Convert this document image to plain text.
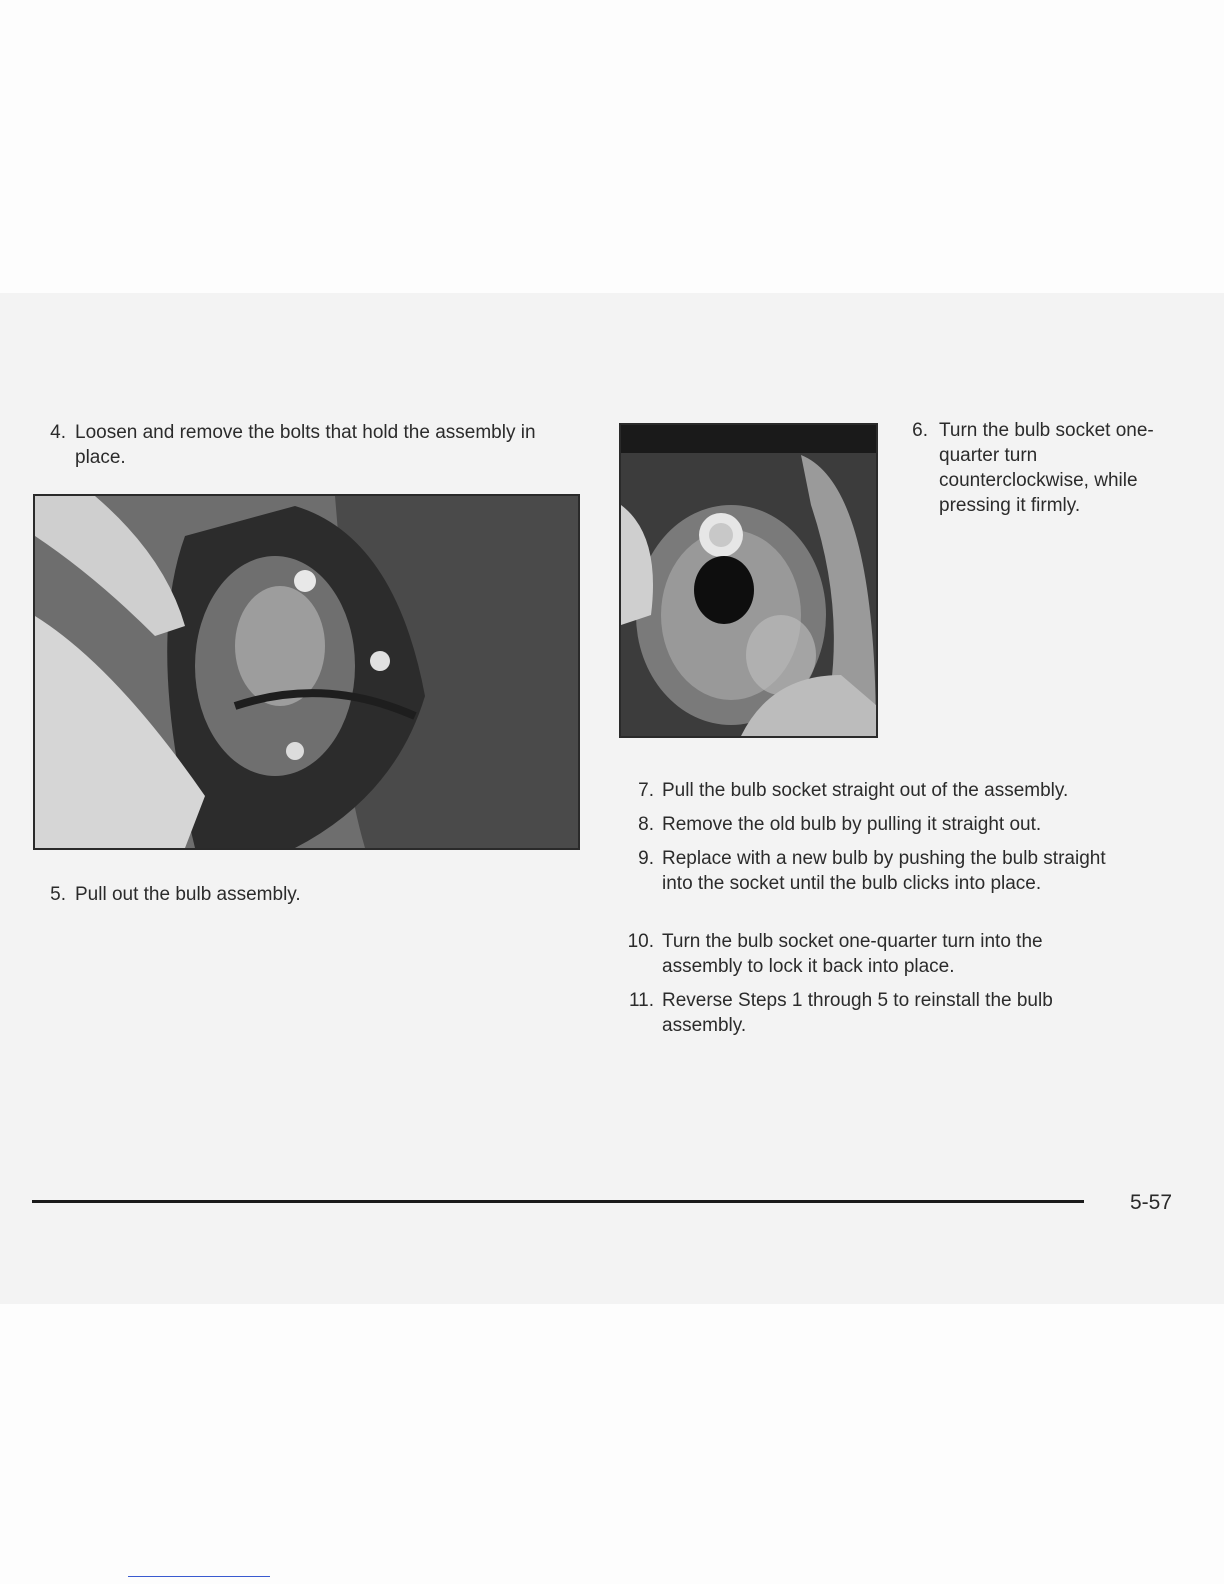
4. Loosen and remove the bolts that hold the assembly in place.
5. Pull out the bulb assembly.
6. Turn the bulb socket one-quarter turn counterclockwise, while pressing it firmly.
7. Pull the bulb socket straight out of the assembly.
8. Remove the old bulb by pulling it straight out.
9. Replace with a new bulb by pushing the bulb straight into the socket until the bulb clicks into place.
10. Turn the bulb socket one-quarter turn into the assembly to lock it back into place.
11. Reverse Steps 1 through 5 to reinstall the bulb assembly.
5-57
